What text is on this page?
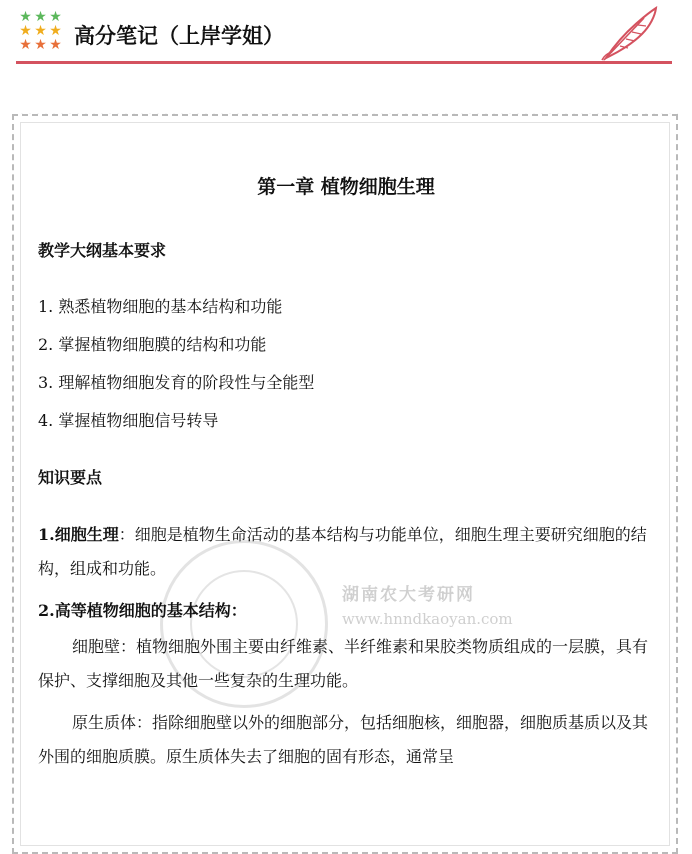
★ ★ ★
★ ★ ★
★ ★ ★ 高分笔记（上岸学姐）
湖南农大考研网
www.hnndkaoyan.com
第一章 植物细胞生理
教学大纲基本要求
1. 熟悉植物细胞的基本结构和功能
2. 掌握植物细胞膜的结构和功能
3. 理解植物细胞发育的阶段性与全能型
4. 掌握植物细胞信号转导
知识要点
1.细胞生理：细胞是植物生命活动的基本结构与功能单位，细胞生理主要研究细胞的结构，组成和功能。
2.高等植物细胞的基本结构：
细胞壁：植物细胞外围主要由纤维素、半纤维素和果胶类物质组成的一层膜，具有保护、支撑细胞及其他一些复杂的生理功能。
原生质体：指除细胞壁以外的细胞部分，包括细胞核，细胞器，细胞质基质以及其外围的细胞质膜。原生质体失去了细胞的固有形态，通常呈
